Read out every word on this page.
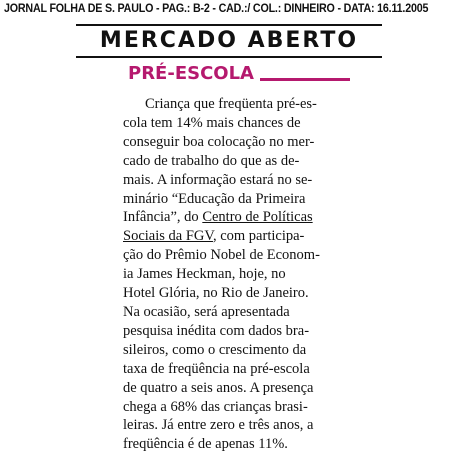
JORNAL FOLHA DE S. PAULO - PAG.: B-2 - CAD.:/ COL.: DINHEIRO - DATA: 16.11.2005
MERCADO ABERTO
PRÉ-ESCOLA
Criança que freqüenta pré-es-
cola tem 14% mais chances de
conseguir boa colocação no mer-
cado de trabalho do que as de-
mais. A informação estará no se-
minário “Educação da Primeira
Infância”, do Centro de Políticas
Sociais da FGV, com participa-
ção do Prêmio Nobel de Econom-
ia James Heckman, hoje, no
Hotel Glória, no Rio de Janeiro.
Na ocasião, será apresentada
pesquisa inédita com dados bra-
sileiros, como o crescimento da
taxa de freqüência na pré-escola
de quatro a seis anos. A presença
chega a 68% das crianças brasi-
leiras. Já entre zero e três anos, a
freqüência é de apenas 11%.
